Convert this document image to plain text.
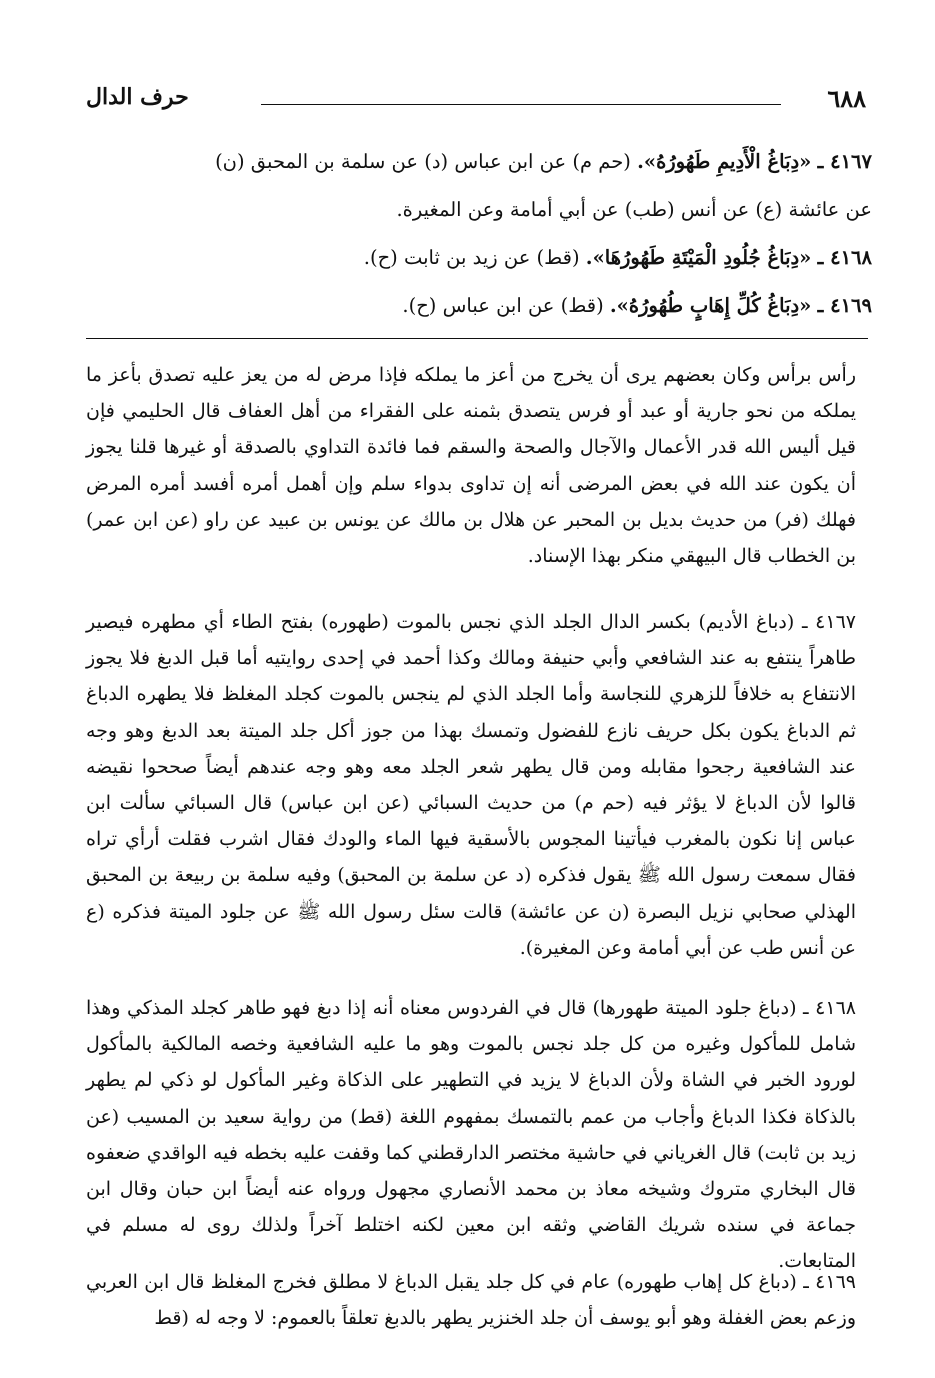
٦٨٨
حرف الدال
٤١٦٧ ـ «دِبَاغُ الْأَدِيمِ طَهُورُهُ». (حم م) عن ابن عباس (د) عن سلمة بن المحبق (ن)
عن عائشة (ع) عن أنس (طب) عن أبي أمامة وعن المغيرة.
٤١٦٨ ـ «دِبَاغُ جُلُودِ الْمَيْتَةِ طَهُورُهَا». (قط) عن زيد بن ثابت (ح).
٤١٦٩ ـ «دِبَاغُ كُلِّ إِهَابٍ طُهُورُهُ». (قط) عن ابن عباس (ح).

رأس برأس وكان بعضهم يرى أن يخرج من أعز ما يملكه فإذا مرض له من يعز عليه تصدق بأعز ما يملكه من نحو جارية أو عبد أو فرس يتصدق بثمنه على الفقراء من أهل العفاف قال الحليمي فإن قيل أليس الله قدر الأعمال والآجال والصحة والسقم فما فائدة التداوي بالصدقة أو غيرها قلنا يجوز أن يكون عند الله في بعض المرضى أنه إن تداوى بدواء سلم وإن أهمل أمره أفسد أمره المرض فهلك (فر) من حديث بديل بن المحبر عن هلال بن مالك عن يونس بن عبيد عن راو (عن ابن عمر) بن الخطاب قال البيهقي منكر بهذا الإسناد.

٤١٦٧ ـ (دباغ الأديم) بكسر الدال الجلد الذي نجس بالموت (طهوره) بفتح الطاء أي مطهره فيصير طاهراً ينتفع به عند الشافعي وأبي حنيفة ومالك وكذا أحمد في إحدى روايتيه أما قبل الدبغ فلا يجوز الانتفاع به خلافاً للزهري للنجاسة وأما الجلد الذي لم ينجس بالموت كجلد المغلظ فلا يطهره الدباغ ثم الدباغ يكون بكل حريف نازع للفضول وتمسك بهذا من جوز أكل جلد الميتة بعد الدبغ وهو وجه عند الشافعية رجحوا مقابله ومن قال يطهر شعر الجلد معه وهو وجه عندهم أيضاً صححوا نقيضه قالوا لأن الدباغ لا يؤثر فيه (حم م) من حديث السبائي (عن ابن عباس) قال السبائي سألت ابن عباس إنا نكون بالمغرب فيأتينا المجوس بالأسقية فيها الماء والودك فقال اشرب فقلت أرأي تراه فقال سمعت رسول الله ﷺ يقول فذكره (د عن سلمة بن المحبق) وفيه سلمة بن ربيعة بن المحبق الهذلي صحابي نزيل البصرة (ن عن عائشة) قالت سئل رسول الله ﷺ عن جلود الميتة فذكره (ع عن أنس طب عن أبي أمامة وعن المغيرة).

٤١٦٨ ـ (دباغ جلود الميتة طهورها) قال في الفردوس معناه أنه إذا دبغ فهو طاهر كجلد المذكي وهذا شامل للمأكول وغيره من كل جلد نجس بالموت وهو ما عليه الشافعية وخصه المالكية بالمأكول لورود الخبر في الشاة ولأن الدباغ لا يزيد في التطهير على الذكاة وغير المأكول لو ذكي لم يطهر بالذكاة فكذا الدباغ وأجاب من عمم بالتمسك بمفهوم اللغة (قط) من رواية سعيد بن المسيب (عن زيد بن ثابت) قال الغرياني في حاشية مختصر الدارقطني كما وقفت عليه بخطه فيه الواقدي ضعفوه قال البخاري متروك وشيخه معاذ بن محمد الأنصاري مجهول ورواه عنه أيضاً ابن حبان وقال ابن جماعة في سنده شريك القاضي وثقه ابن معين لكنه اختلط آخراً ولذلك روى له مسلم في المتابعات.

٤١٦٩ ـ (دباغ كل إهاب طهوره) عام في كل جلد يقبل الدباغ لا مطلق فخرج المغلظ قال ابن العربي وزعم بعض الغفلة وهو أبو يوسف أن جلد الخنزير يطهر بالدبغ تعلقاً بالعموم: لا وجه له (قط
